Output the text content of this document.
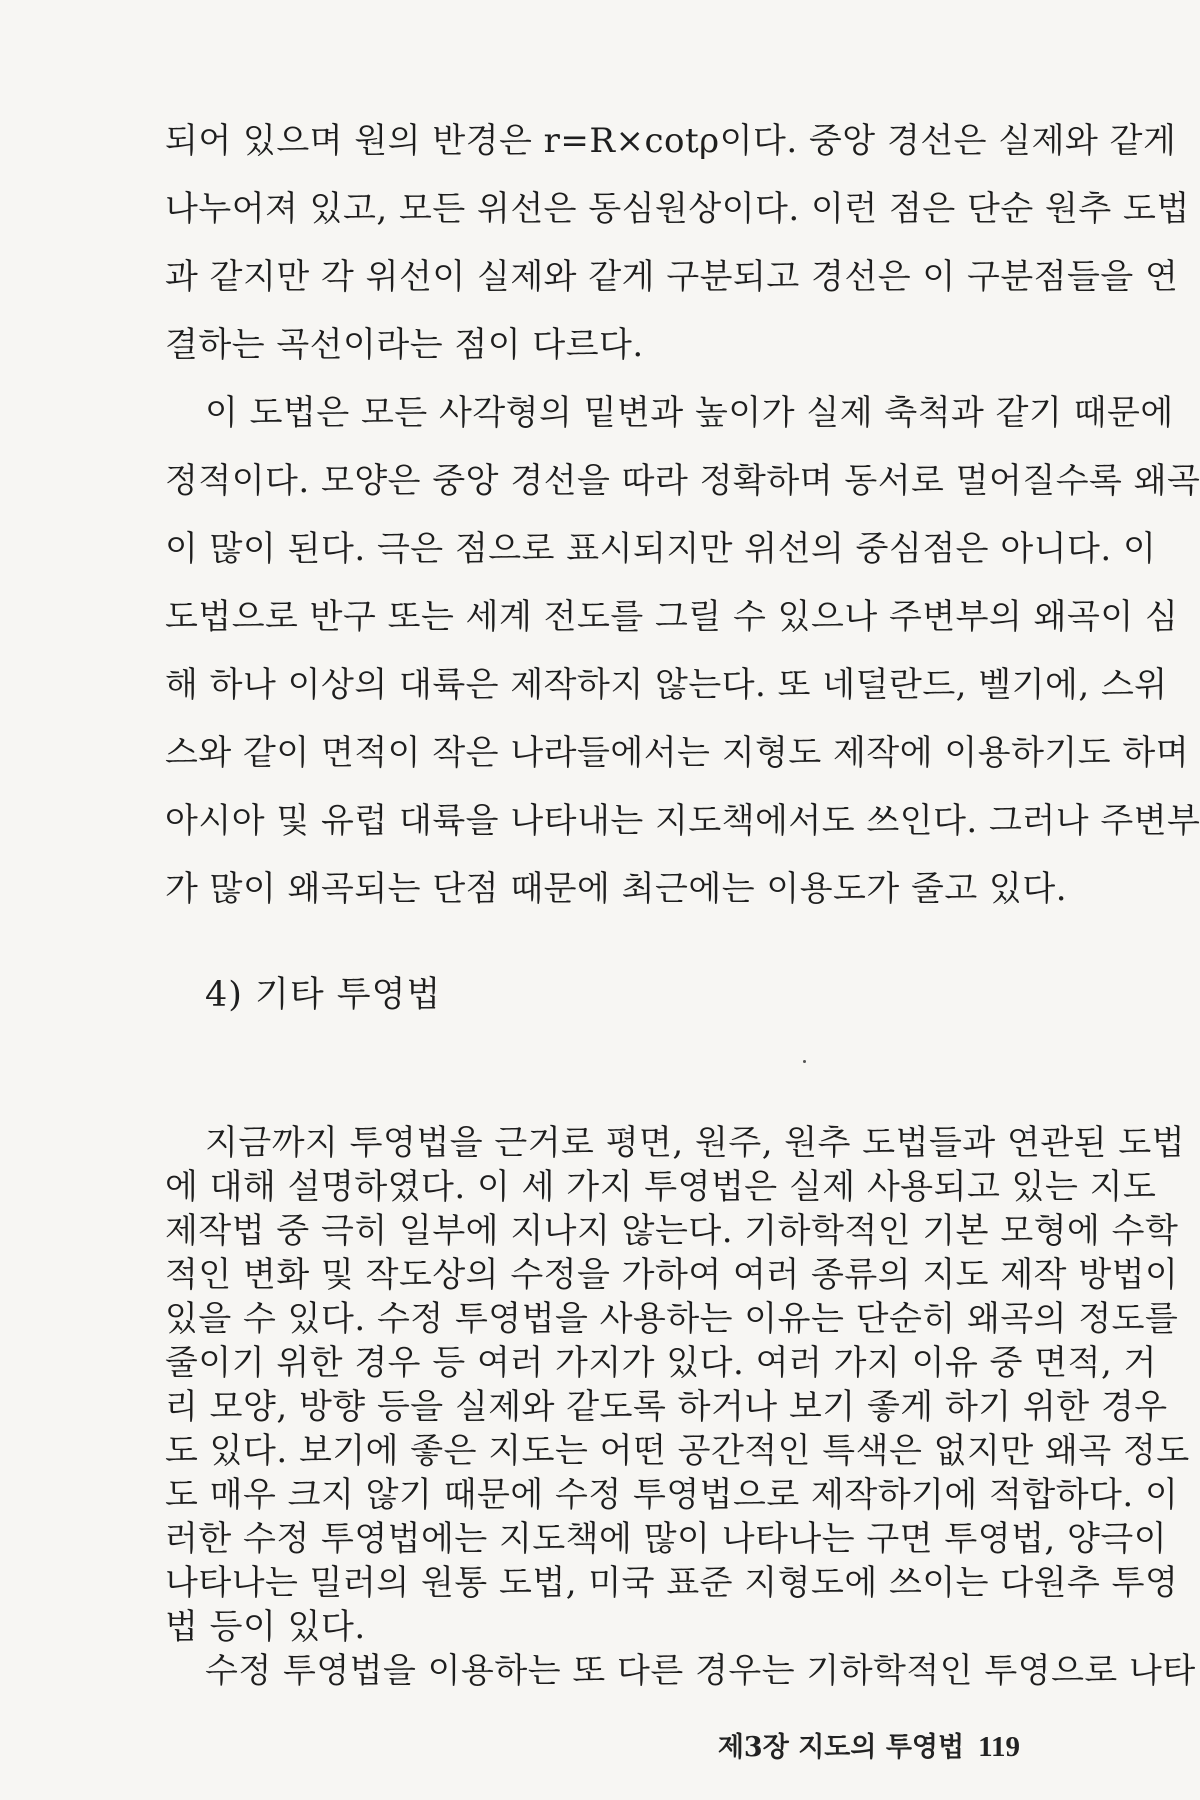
되어 있으며 원의 반경은 r=R×cotρ이다. 중앙 경선은 실제와 같게
나누어져 있고, 모든 위선은 동심원상이다. 이런 점은 단순 원추 도법
과 같지만 각 위선이 실제와 같게 구분되고 경선은 이 구분점들을 연
결하는 곡선이라는 점이 다르다.
이 도법은 모든 사각형의 밑변과 높이가 실제 축척과 같기 때문에
정적이다. 모양은 중앙 경선을 따라 정확하며 동서로 멀어질수록 왜곡
이 많이 된다. 극은 점으로 표시되지만 위선의 중심점은 아니다. 이
도법으로 반구 또는 세계 전도를 그릴 수 있으나 주변부의 왜곡이 심
해 하나 이상의 대륙은 제작하지 않는다. 또 네덜란드, 벨기에, 스위
스와 같이 면적이 작은 나라들에서는 지형도 제작에 이용하기도 하며
아시아 및 유럽 대륙을 나타내는 지도책에서도 쓰인다. 그러나 주변부
가 많이 왜곡되는 단점 때문에 최근에는 이용도가 줄고 있다.
4) 기타 투영법
지금까지 투영법을 근거로 평면, 원주, 원추 도법들과 연관된 도법
에 대해 설명하였다. 이 세 가지 투영법은 실제 사용되고 있는 지도
제작법 중 극히 일부에 지나지 않는다. 기하학적인 기본 모형에 수학
적인 변화 및 작도상의 수정을 가하여 여러 종류의 지도 제작 방법이
있을 수 있다. 수정 투영법을 사용하는 이유는 단순히 왜곡의 정도를
줄이기 위한 경우 등 여러 가지가 있다. 여러 가지 이유 중 면적, 거
리 모양, 방향 등을 실제와 같도록 하거나 보기 좋게 하기 위한 경우
도 있다. 보기에 좋은 지도는 어떤 공간적인 특색은 없지만 왜곡 정도
도 매우 크지 않기 때문에 수정 투영법으로 제작하기에 적합하다. 이
러한 수정 투영법에는 지도책에 많이 나타나는 구면 투영법, 양극이
나타나는 밀러의 원통 도법, 미국 표준 지형도에 쓰이는 다원추 투영
법 등이 있다.
수정 투영법을 이용하는 또 다른 경우는 기하학적인 투영으로 나타
제3장 지도의 투영법 119
